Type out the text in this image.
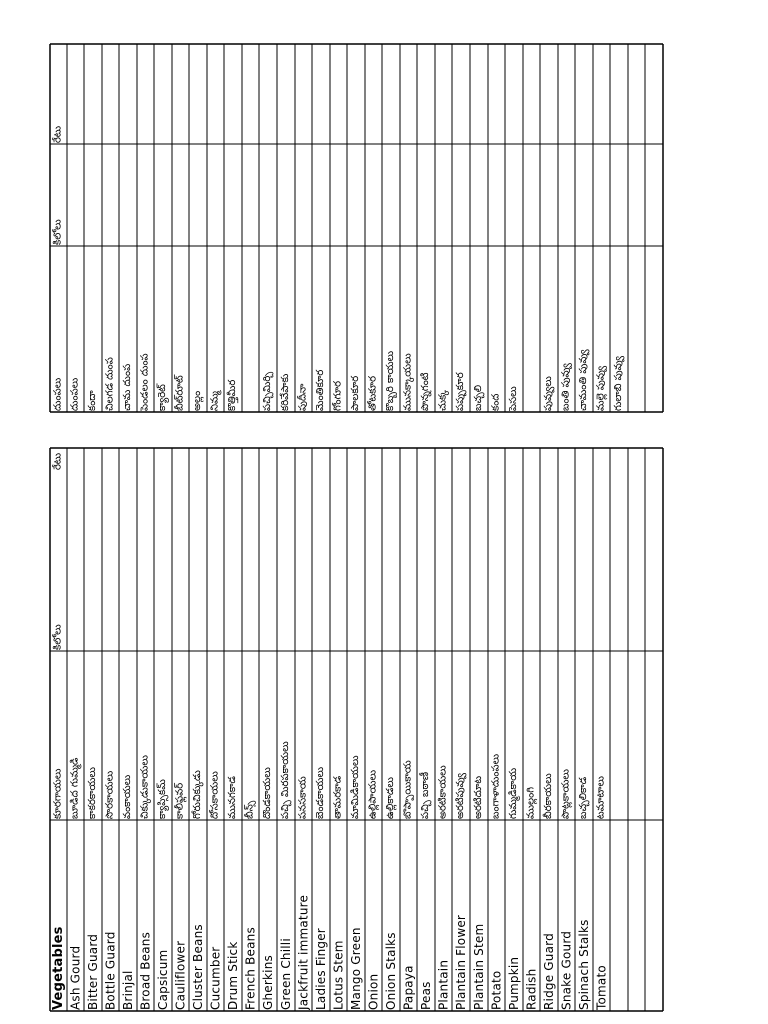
Vegetables
కూరగాయలు
కిలోలు
Ash Gourd
బూడిద గుమ్మడి
Bitter Guard
కాకరకాయలు
Bottle Guard
సొరకాయలు
Brinjal
వంకాయలు
Broad Beans
చిక్కుడుకాయలు
Capsicum
క్యాప్సికమ్
Cauliflower
కాలీఫ్లవర్
Cluster Beans
గోరుచిక్కుడు
Cucumber
దోసకాయలు
Drum Stick
మునగకాడ
French Beans
బీన్స్
Gherkins
దొండకాయలు
Green Chilli
పచ్చి మిరపకాయలు
Jackfruit immature
పనసకాయ
Ladies Finger
బెండకాయలు
Lotus Stem
తామరకాడ
Mango Green
మామిడికాయలు
Onion
ఉల్లిపాయలు
Onion Stalks
ఉల్లికాడలు
Papaya
బొప్పాయికాయ
Peas
పచ్చి బఠాణీ
Plantain
అరటికాయలు
Plantain Flower
అరటిపువ్వు
Plantain Stem
అరటిదూట
Potato
బంగాళాదుంపలు
Pumpkin
గుమ్మడికాయ
Radish
ముల్లంగి
Ridge Guard
బీరకాయలు
Snake Gourd
పొట్లకాయలు
Spinach Stalks
బచ్చలికాడ
Tomato
టమాటాలు
రేటు
దుంపలు
కిలోలు
రేటు
దుంపలు కందా చిలగడ దుంప చామ దుంప పెండలం దుంప క్యారెట్ బీట్‌రూట్ అల్లం నిమ్మ కొత్తిమీర	పచ్చిమిర్చి కరివేపాకు పుదీనా మెంతికూర గోంగూర పాలకూర తోటకూర కొబ్బరి కాయలు మునక్కాయలు పొన్నగంటి చుక్క పప్పుకూర బచ్చలి కంద పెసలు	పువ్వులు బంతి పువ్వు చామంతి పువ్వు మల్లె పువ్వు గులాబి పువ్వు
